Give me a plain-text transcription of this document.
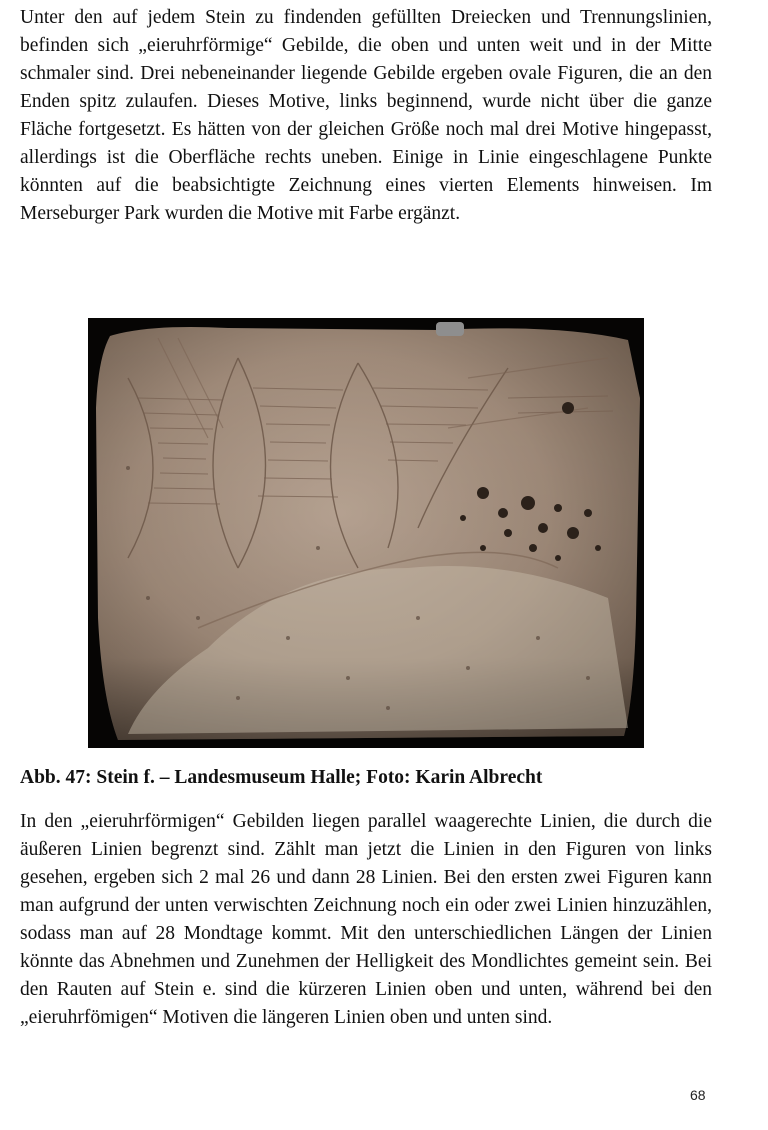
Unter den auf jedem Stein zu findenden gefüllten Dreiecken und Trennungslinien, befinden sich „eieruhrförmige“ Gebilde, die oben und unten weit und in der Mitte schmaler sind. Drei nebeneinander liegende Gebilde ergeben ovale Figuren, die an den Enden spitz zulaufen. Dieses Motive, links beginnend, wurde nicht über die ganze Fläche fortgesetzt. Es hätten von der gleichen Größe noch mal drei Motive hingepasst, allerdings ist die Oberfläche rechts uneben. Einige in Linie eingeschlagene Punkte könnten auf die beabsichtigte Zeichnung eines vierten Elements hinweisen. Im Merseburger Park wurden die Motive mit Farbe ergänzt.

Abb. 47: Stein f. – Landesmuseum Halle; Foto: Karin Albrecht

In den „eieruhrförmigen“ Gebilden liegen parallel waagerechte Linien, die durch die äußeren Linien begrenzt sind. Zählt man jetzt die Linien in den Figuren von links gesehen, ergeben sich 2 mal 26 und dann 28 Linien. Bei den ersten zwei Figuren kann man aufgrund der unten verwischten Zeichnung noch ein oder zwei Linien hinzuzählen, sodass man auf 28 Mondtage kommt. Mit den unterschiedlichen Längen der Linien könnte das Abnehmen und Zunehmen der Helligkeit des Mondlichtes gemeint sein. Bei den Rauten auf Stein e. sind die kürzeren Linien oben und unten, während bei den „eieruhrfömigen“ Motiven die längeren Linien oben und unten sind.

68
